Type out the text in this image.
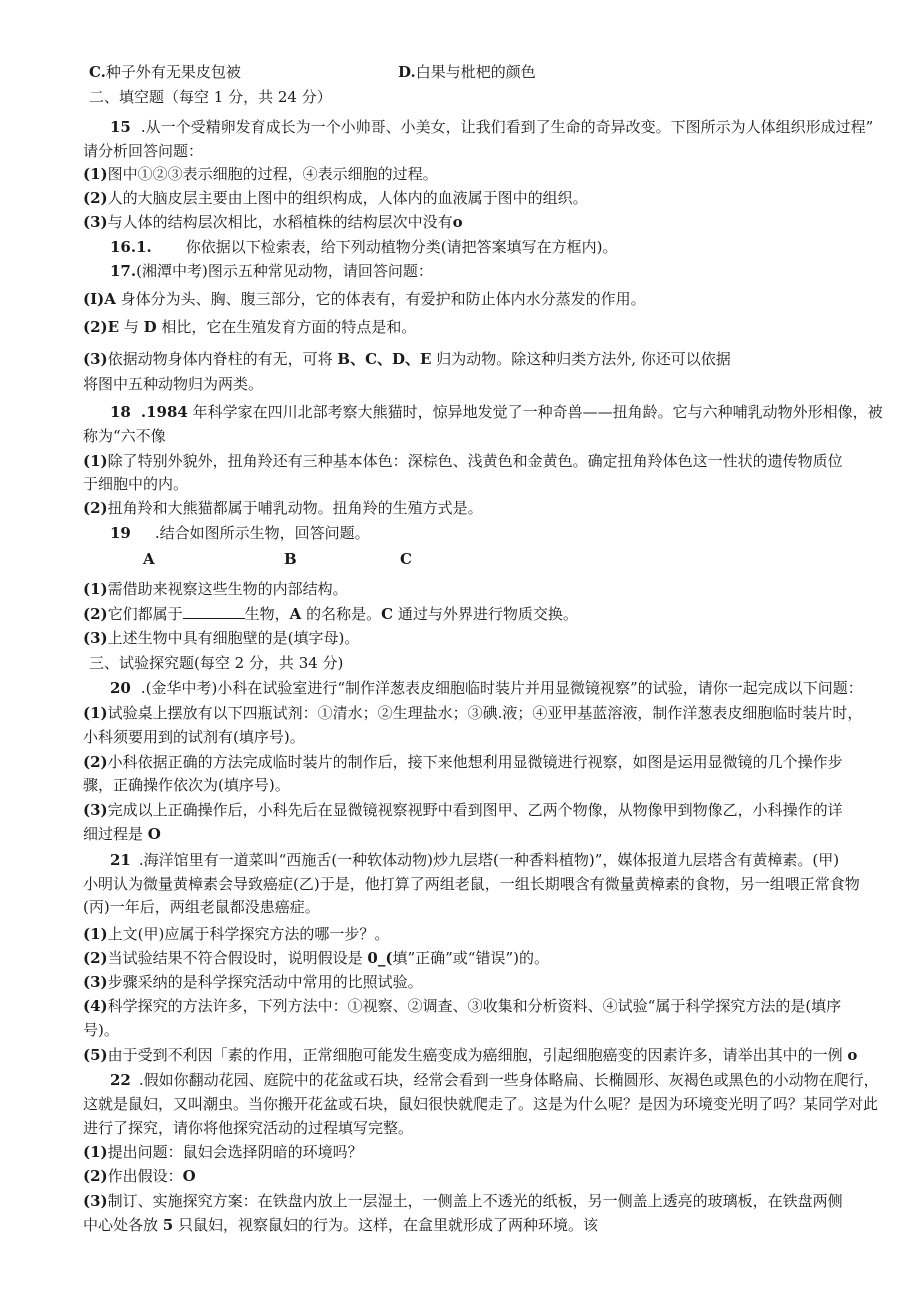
C.种子外有无果皮包被	D.白果与枇杷的颜色
二、填空题（每空 1 分，共 24 分）
15 .从一个受精卵发育成长为一个小帅哥、小美女，让我们看到了生命的奇异改变。下图所示为人体组织形成过程”
请分析回答问题：
(1)图中①②③表示细胞的过程，④表示细胞的过程。
(2)人的大脑皮层主要由上图中的组织构成，人体内的血液属于图中的组织。
(3)与人体的结构层次相比，水稻植株的结构层次中没有o
16.1. 你依据以下检索表，给下列动植物分类(请把答案填写在方框内)。
17.(湘潭中考)图示五种常见动物，请回答问题：
(I)A 身体分为头、胸、腹三部分，它的体表有，有爱护和防止体内水分蒸发的作用。
(2)E 与 D 相比，它在生殖发育方面的特点是和。
(3)依据动物身体内脊柱的有无，可将 B、C、D、E 归为动物。除这种归类方法外, 你还可以依据
将图中五种动物归为两类。
18 .1984 年科学家在四川北部考察大熊猫时，惊异地发觉了一种奇兽——扭角龄。它与六种哺乳动物外形相像，被
称为“六不像
(1)除了特别外貌外，扭角羚还有三种基本体色：深棕色、浅黄色和金黄色。确定扭角羚体色这一性状的遗传物质位
于细胞中的内。
(2)扭角羚和大熊猫都属于哺乳动物。扭角羚的生殖方式是。
19 .结合如图所示生物，回答问题。
A	B	C
(1)需借助来视察这些生物的内部结构。
(2)它们都属于	生物，A 的名称是。C 通过与外界进行物质交换。
(3)上述生物中具有细胞壁的是(填字母)。
三、试验探究题(每空 2 分，共 34 分)
20 .(金华中考)小科在试验室进行“制作洋葱表皮细胞临时装片并用显微镜视察”的试验，请你一起完成以下问题：
(1)试验桌上摆放有以下四瓶试剂：①清水；②生理盐水；③碘.液；④亚甲基蓝溶液，制作洋葱表皮细胞临时装片时，
小科须要用到的试剂有(填序号)。
(2)小科依据正确的方法完成临时装片的制作后，接下来他想利用显微镜进行视察，如图是运用显微镜的几个操作步
骤，正确操作依次为(填序号)。
(3)完成以上正确操作后，小科先后在显微镜视察视野中看到图甲、乙两个物像，从物像甲到物像乙，小科操作的详
细过程是 O
21 .海洋馆里有一道菜叫“西施舌(一种软体动物)炒九层塔(一种香料植物)”，媒体报道九层塔含有黄樟素。(甲)
小明认为微量黄樟素会导致癌症(乙)于是，他打算了两组老鼠，一组长期喂含有微量黄樟素的食物，另一组喂正常食物
(丙)一年后，两组老鼠都没患癌症。
(1)上文(甲)应属于科学探究方法的哪一步？。
(2)当试验结果不符合假设时，说明假设是 0_(填”正确”或“错误”)的。
(3)步骤采纳的是科学探究活动中常用的比照试验。
(4)科学探究的方法许多，下列方法中：①视察、②调查、③收集和分析资料、④试验“属于科学探究方法的是(填序
号)。
(5)由于受到不利因「素的作用，正常细胞可能发生癌变成为癌细胞，引起细胞癌变的因素许多，请举出其中的一例 o
22 .假如你翻动花园、庭院中的花盆或石块，经常会看到一些身体略扁、长椭圆形、灰褐色或黑色的小动物在爬行，
这就是鼠妇，又叫潮虫。当你搬开花盆或石块，鼠妇很快就爬走了。这是为什么呢？是因为环境变光明了吗？某同学对此
进行了探究，请你将他探究活动的过程填写完整。
(1)提出问题：鼠妇会选择阴暗的环境吗？
(2)作出假设：O
(3)制订、实施探究方案：在铁盘内放上一层湿土，一侧盖上不透光的纸板，另一侧盖上透亮的玻璃板，在铁盘两侧
中心处各放 5 只鼠妇，视察鼠妇的行为。这样，在盒里就形成了两种环境。该
